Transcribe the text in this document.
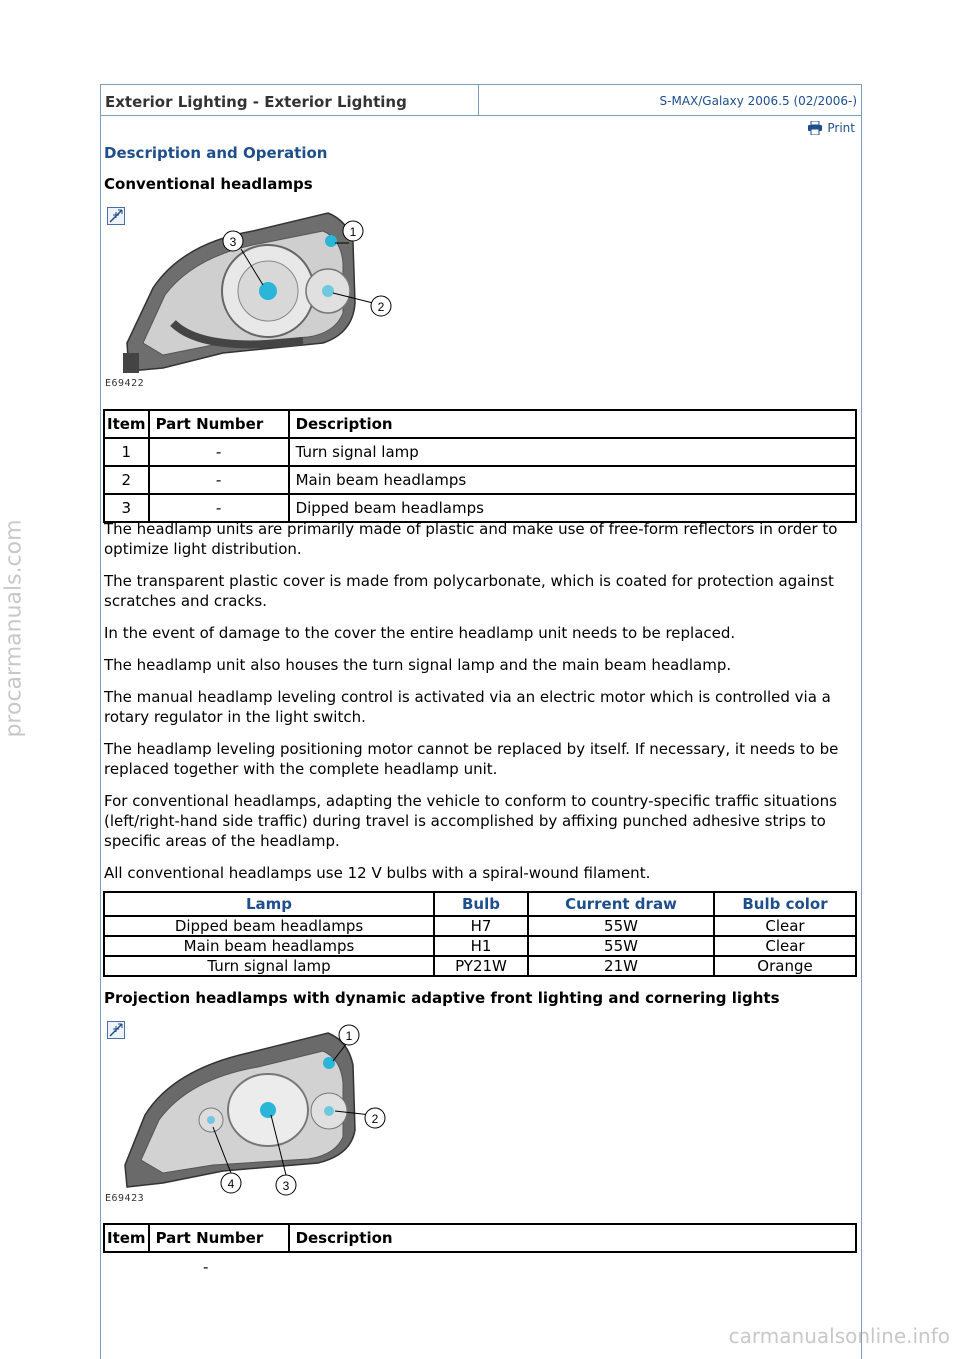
procarmanuals.com
carmanualsonline.info
Exterior Lighting - Exterior Lighting	S-MAX/Galaxy 2006.5 (02/2006-)
Print
Description and Operation
Conventional headlamps
3
1
2
E69422
Item	Part Number	Description
1	-	Turn signal lamp
2	-	Main beam headlamps
3	-	Dipped beam headlamps

The headlamp units are primarily made of plastic and make use of free-form reflectors in order to optimize light distribution.

The transparent plastic cover is made from polycarbonate, which is coated for protection against scratches and cracks.

In the event of damage to the cover the entire headlamp unit needs to be replaced.

The headlamp unit also houses the turn signal lamp and the main beam headlamp.

The manual headlamp leveling control is activated via an electric motor which is controlled via a rotary regulator in the light switch.

The headlamp leveling positioning motor cannot be replaced by itself. If necessary, it needs to be replaced together with the complete headlamp unit.

For conventional headlamps, adapting the vehicle to conform to country-specific traffic situations (left/right-hand side traffic) during travel is accomplished by affixing punched adhesive strips to specific areas of the headlamp.

All conventional headlamps use 12 V bulbs with a spiral-wound filament.

Lamp	Bulb	Current draw	Bulb color
Dipped beam headlamps	H7	55W	Clear
Main beam headlamps	H1	55W	Clear
Turn signal lamp	PY21W	21W	Orange
Projection headlamps with dynamic adaptive front lighting and cornering lights
1
2
4	3
E69423
Item	Part Number	Description
-
